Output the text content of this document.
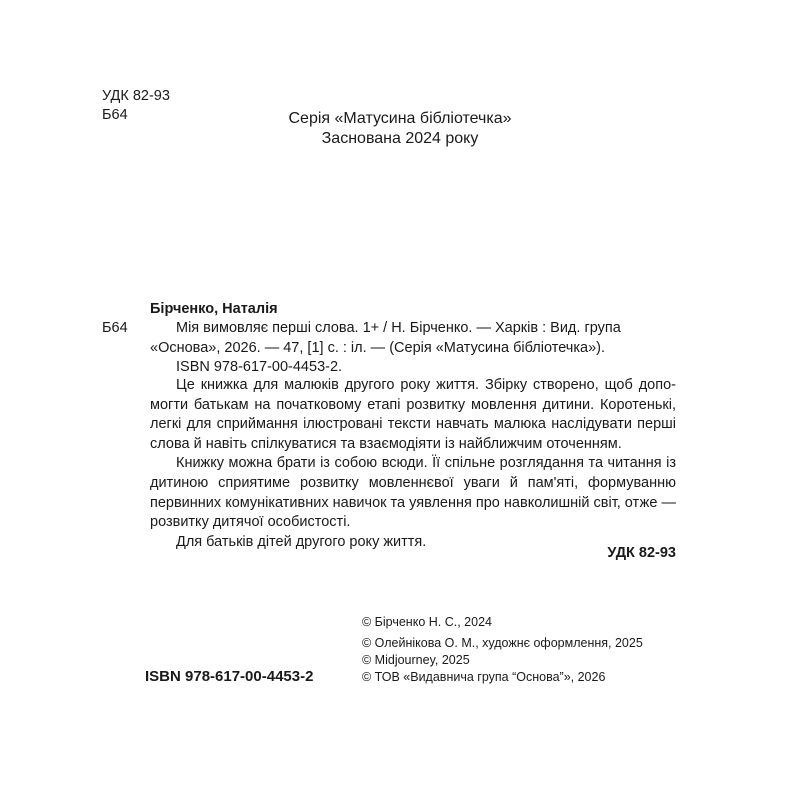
УДК 82-93
Б64	Серія «Матусина бібліотечка»
Заснована 2024 року
Бірченко, Наталія
Б64	Мія вимовляє перші слова. 1+ / Н. Бірченко. — Харків : Вид. група
«Основа», 2026. — 47, [1] с. : іл. — (Серія «Матусина бібліотечка»).
ISBN 978-617-00-4453-2.

Це книжка для малюків другого року життя. Збірку створено, щоб допомогти батькам на початковому етапі розвитку мовлення дитини. Коротенькі, легкі для сприймання ілюстровані тексти навчать малюка наслідувати перші слова й навіть спілкуватися та взаємодіяти із найближчим оточенням.

Книжку можна брати із собою всюди. Її спільне розглядання та читання із дитиною сприятиме розвитку мовленнєвої уваги й пам'яті, формуванню первинних комунікативних навичок та уявлення про навколишній світ, отже — розвитку дитячої особистості.

Для батьків дітей другого року життя.

УДК 82-93
ISBN 978-617-00-4453-2
© Бірченко Н. С., 2024
© Олейнікова О. М., художнє оформлення, 2025
© Midjourney, 2025
© ТОВ «Видавнича група “Основа”», 2026
